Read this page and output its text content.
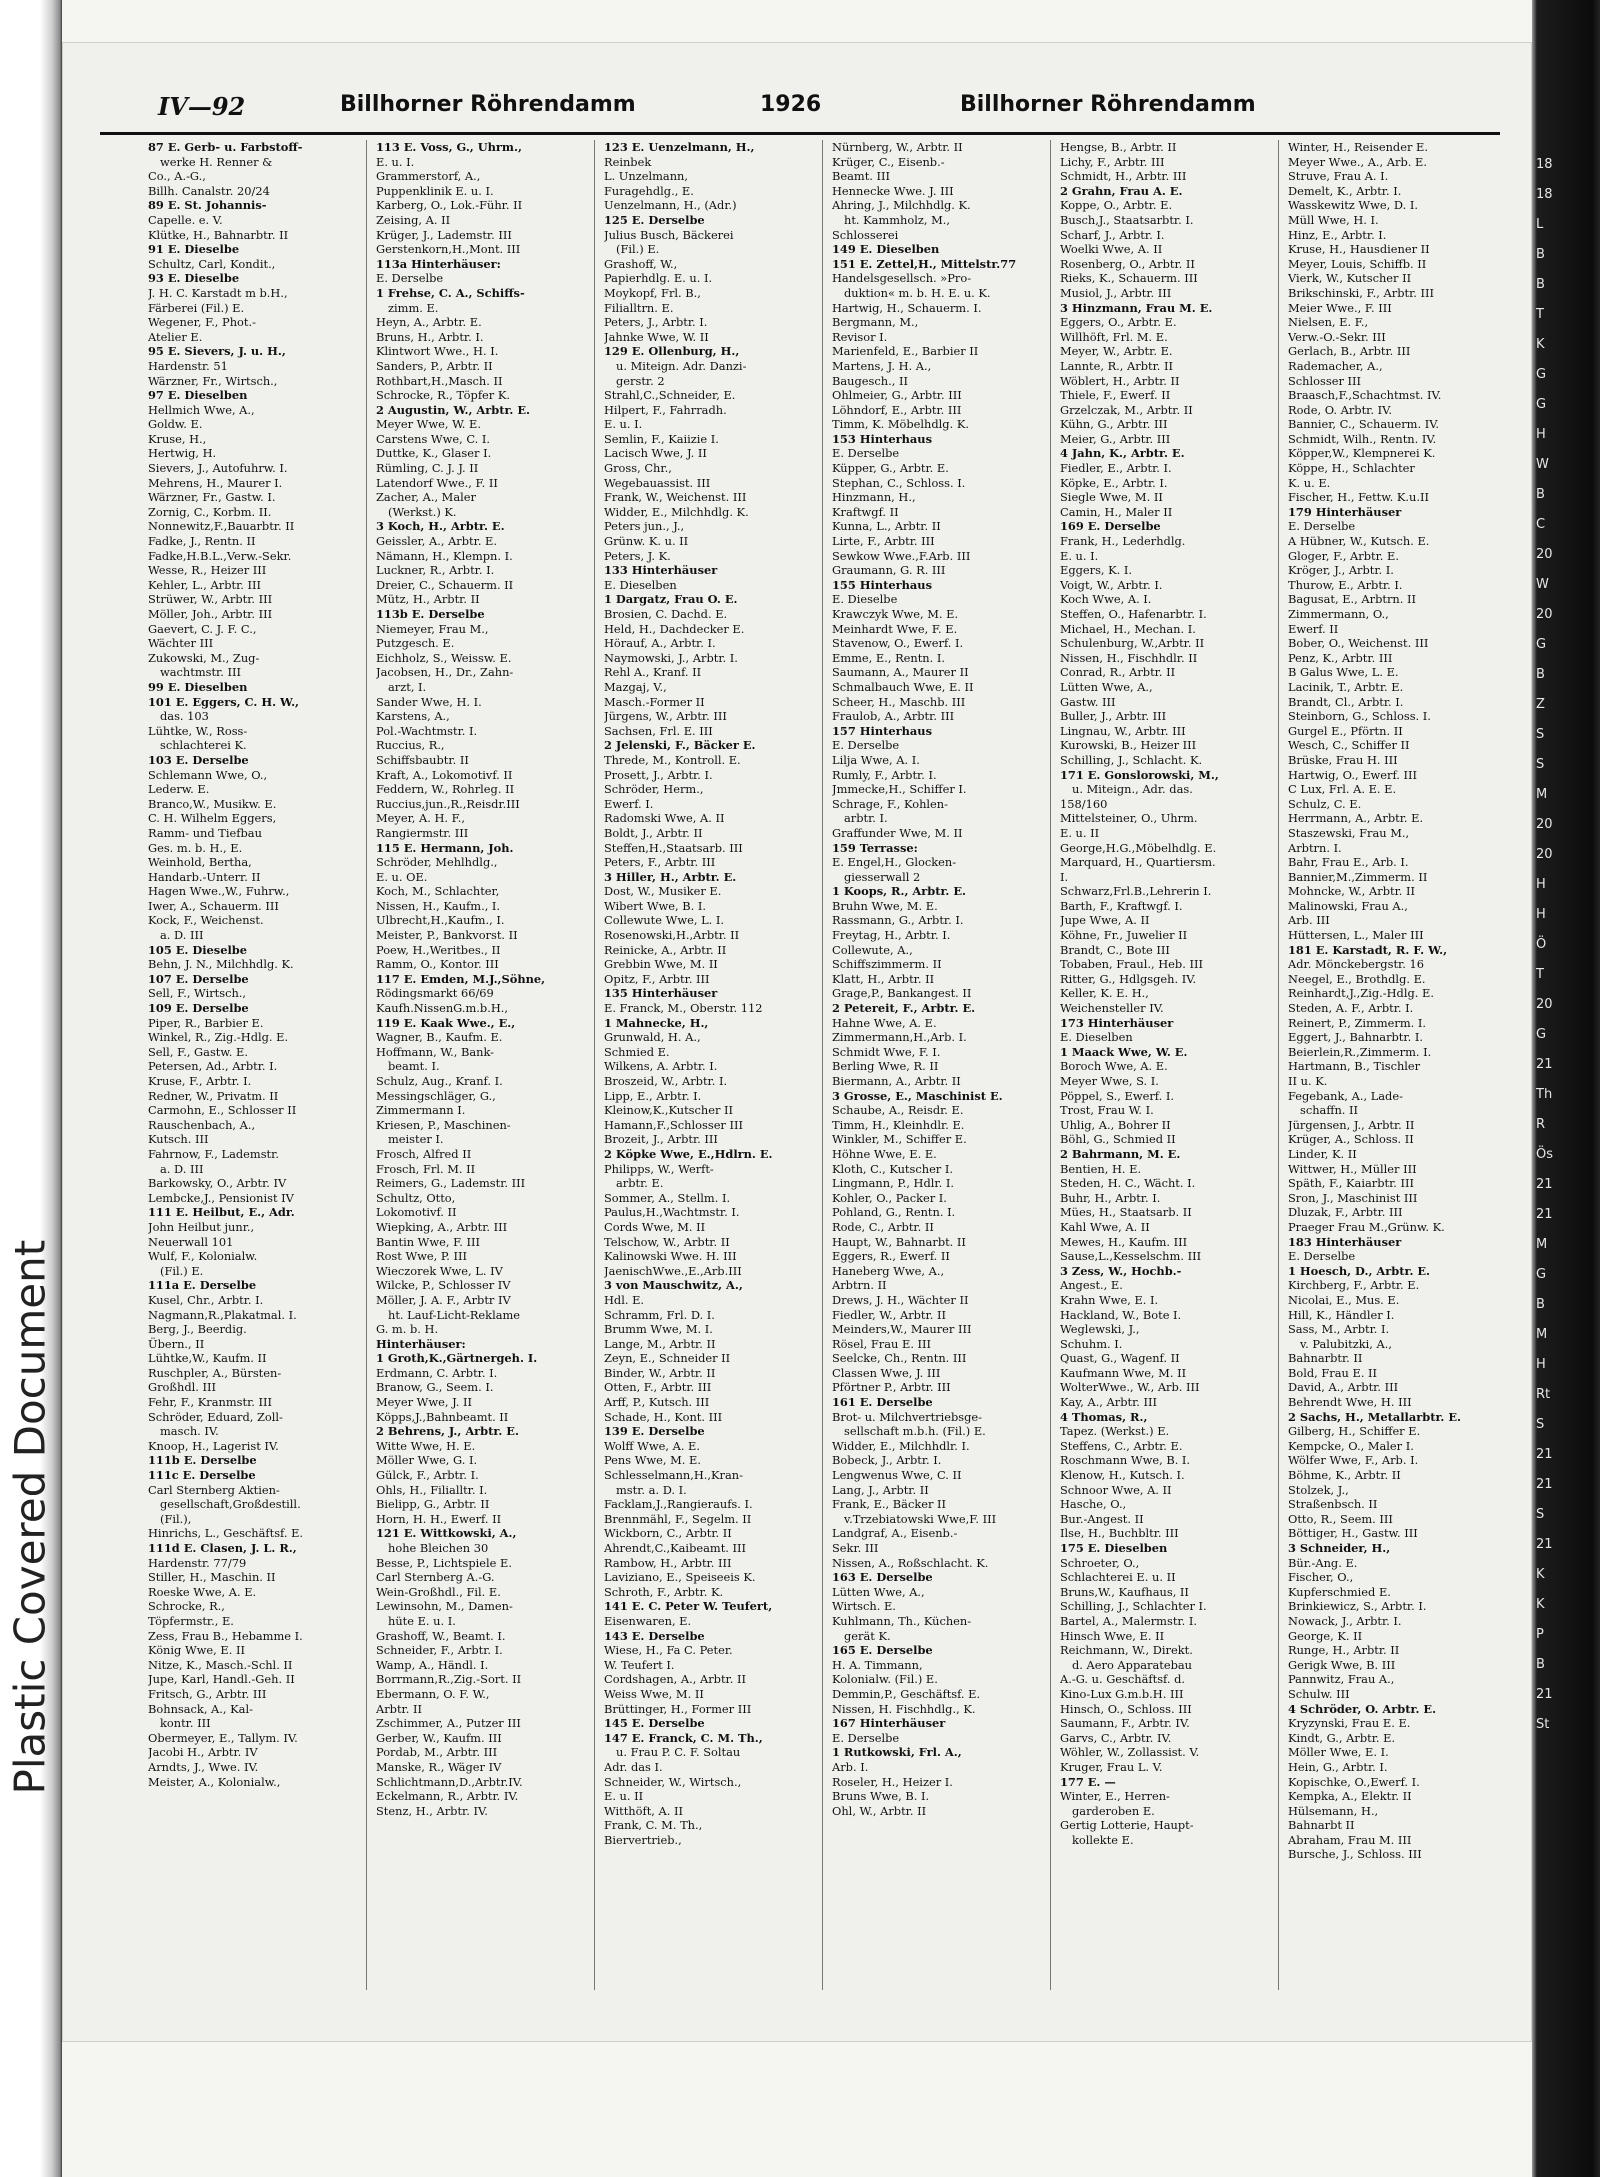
Plastic Covered Document
18
18
L
B
B
T
K
G
G
H
W
B
C
20
W
20
G
B
Z
S
S
M
20
20
H
H
Ö
T
20
G
21
Th
R
Ös
21
21
M
G
B
M
H
Rt
S
21
21
S
21
K
K
P
B
21
St
IV—92	Billhorner Röhrendamm	1926	Billhorner Röhrendamm
87 E. Gerb- u. Farbstoff-
werke H. Renner &
Co., A.-G.,
Billh. Canalstr. 20/24
89 E. St. Johannis-
Capelle. e. V.
Klütke, H., Bahnarbtr. II
91 E. Dieselbe
Schultz, Carl, Kondit.,
93 E. Dieselbe
J. H. C. Karstadt m b.H.,
Färberei (Fil.) E.
Wegener, F., Phot.-
Atelier E.
95 E. Sievers, J. u. H.,
Hardenstr. 51
Wärzner, Fr., Wirtsch.,
97 E. Dieselben
Hellmich Wwe, A.,
Goldw. E.
Kruse, H.,
Hertwig, H.
Sievers, J., Autofuhrw. I.
Mehrens, H., Maurer I.
Wärzner, Fr., Gastw. I.
Zornig, C., Korbm. II.
Nonnewitz,F.,Bauarbtr. II
Fadke, J., Rentn. II
Fadke,H.B.L.,Verw.-Sekr.
Wesse, R., Heizer III
Kehler, L., Arbtr. III
Strüwer, W., Arbtr. III
Möller, Joh., Arbtr. III
Gaevert, C. J. F. C.,
Wächter III
Zukowski, M., Zug-
wachtmstr. III
99 E. Dieselben
101 E. Eggers, C. H. W.,
das. 103
Lühtke, W., Ross-
schlachterei K.
103 E. Derselbe
Schlemann Wwe, O.,
Lederw. E.
Branco,W., Musikw. E.
C. H. Wilhelm Eggers,
Ramm- und Tiefbau
Ges. m. b. H., E.
Weinhold, Bertha,
Handarb.-Unterr. II
Hagen Wwe.,W., Fuhrw.,
Iwer, A., Schauerm. III
Kock, F., Weichenst.
a. D. III
105 E. Dieselbe
Behn, J. N., Milchhdlg. K.
107 E. Derselbe
Sell, F., Wirtsch.,
109 E. Derselbe
Piper, R., Barbier E.
Winkel, R., Zig.-Hdlg. E.
Sell, F., Gastw. E.
Petersen, Ad., Arbtr. I.
Kruse, F., Arbtr. I.
Redner, W., Privatm. II
Carmohn, E., Schlosser II
Rauschenbach, A.,
Kutsch. III
Fahrnow, F., Lademstr.
a. D. III
Barkowsky, O., Arbtr. IV
Lembcke,J., Pensionist IV
111 E. Heilbut, E., Adr.
John Heilbut junr.,
Neuerwall 101
Wulf, F., Kolonialw.
(Fil.) E.
111a E. Derselbe
Kusel, Chr., Arbtr. I.
Nagmann,R.,Plakatmal. I.
Berg, J., Beerdig.
Übern., II
Lühtke,W., Kaufm. II
Ruschpler, A., Bürsten-
Großhdl. III
Fehr, F., Kranmstr. III
Schröder, Eduard, Zoll-
masch. IV.
Knoop, H., Lagerist IV.
111b E. Derselbe
111c E. Derselbe
Carl Sternberg Aktien-
gesellschaft,Großdestill.
(Fil.),
Hinrichs, L., Geschäftsf. E.
111d E. Clasen, J. L. R.,
Hardenstr. 77/79
Stiller, H., Maschin. II
Roeske Wwe, A. E.
Schrocke, R.,
Töpfermstr., E.
Zess, Frau B., Hebamme I.
König Wwe, E. II
Nitze, K., Masch.-Schl. II
Jupe, Karl, Handl.-Geh. II
Fritsch, G., Arbtr. III
Bohnsack, A., Kal-
kontr. III
Obermeyer, E., Tallym. IV.
Jacobi H., Arbtr. IV
Arndts, J., Wwe. IV.
Meister, A., Kolonialw.,
113 E. Voss, G., Uhrm.,
E. u. I.
Grammerstorf, A.,
Puppenklinik E. u. I.
Karberg, O., Lok.-Führ. II
Zeising, A. II
Krüger, J., Lademstr. III
Gerstenkorn,H.,Mont. III
113a Hinterhäuser:
E. Derselbe
1 Frehse, C. A., Schiffs-
zimm. E.
Heyn, A., Arbtr. E.
Bruns, H., Arbtr. I.
Klintwort Wwe., H. I.
Sanders, P., Arbtr. II
Rothbart,H.,Masch. II
Schrocke, R., Töpfer K.
2 Augustin, W., Arbtr. E.
Meyer Wwe, W. E.
Carstens Wwe, C. I.
Duttke, K., Glaser I.
Rümling, C. J. J. II
Latendorf Wwe., F. II
Zacher, A., Maler
(Werkst.) K.
3 Koch, H., Arbtr. E.
Geissler, A., Arbtr. E.
Nämann, H., Klempn. I.
Luckner, R., Arbtr. I.
Dreier, C., Schauerm. II
Mütz, H., Arbtr. II
113b E. Derselbe
Niemeyer, Frau M.,
Putzgesch. E.
Eichholz, S., Weissw. E.
Jacobsen, H., Dr., Zahn-
arzt, I.
Sander Wwe, H. I.
Karstens, A.,
Pol.-Wachtmstr. I.
Ruccius, R.,
Schiffsbaubtr. II
Kraft, A., Lokomotivf. II
Feddern, W., Rohrleg. II
Ruccius,jun.,R.,Reisdr.III
Meyer, A. H. F.,
Rangiermstr. III
115 E. Hermann, Joh.
Schröder, Mehlhdlg.,
E. u. OE.
Koch, M., Schlachter,
Nissen, H., Kaufm., I.
Ulbrecht,H.,Kaufm., I.
Meister, P., Bankvorst. II
Poew, H.,Weritbes., II
Ramm, O., Kontor. III
117 E. Emden, M.J.,Söhne,
Rödingsmarkt 66/69
Kaufh.NissenG.m.b.H.,
119 E. Kaak Wwe., E.,
Wagner, B., Kaufm. E.
Hoffmann, W., Bank-
beamt. I.
Schulz, Aug., Kranf. I.
Messingschläger, G.,
Zimmermann I.
Kriesen, P., Maschinen-
meister I.
Frosch, Alfred II
Frosch, Frl. M. II
Reimers, G., Lademstr. III
Schultz, Otto,
Lokomotivf. II
Wiepking, A., Arbtr. III
Bantin Wwe, F. III
Rost Wwe, P. III
Wieczorek Wwe, L. IV
Wilcke, P., Schlosser IV
Möller, J. A. F., Arbtr IV
ht. Lauf-Licht-Reklame
G. m. b. H.
Hinterhäuser:
1 Groth,K.,Gärtnergeh. I.
Erdmann, C. Arbtr. I.
Branow, G., Seem. I.
Meyer Wwe, J. II
Köpps,J.,Bahnbeamt. II
2 Behrens, J., Arbtr. E.
Witte Wwe, H. E.
Möller Wwe, G. I.
Gülck, F., Arbtr. I.
Ohls, H., Filialltr. I.
Bielipp, G., Arbtr. II
Horn, H. H., Ewerf. II
121 E. Wittkowski, A.,
hohe Bleichen 30
Besse, P., Lichtspiele E.
Carl Sternberg A.-G.
Wein-Großhdl., Fil. E.
Lewinsohn, M., Damen-
hüte E. u. I.
Grashoff, W., Beamt. I.
Schneider, F., Arbtr. I.
Wamp, A., Händl. I.
Borrmann,R.,Zig.-Sort. II
Ebermann, O. F. W.,
Arbtr. II
Zschimmer, A., Putzer III
Gerber, W., Kaufm. III
Pordab, M., Arbtr. III
Manske, R., Wäger IV
Schlichtmann,D.,Arbtr.IV.
Eckelmann, R., Arbtr. IV.
Stenz, H., Arbtr. IV.
123 E. Uenzelmann, H.,
Reinbek
L. Unzelmann,
Furagehdlg., E.
Uenzelmann, H., (Adr.)
125 E. Derselbe
Julius Busch, Bäckerei
(Fil.) E.
Grashoff, W.,
Papierhdlg. E. u. I.
Moykopf, Frl. B.,
Filialltrn. E.
Peters, J., Arbtr. I.
Jahnke Wwe, W. II
129 E. Ollenburg, H.,
u. Miteign. Adr. Danzi-
gerstr. 2
Strahl,C.,Schneider, E.
Hilpert, F., Fahrradh.
E. u. I.
Semlin, F., Kaiizie I.
Lacisch Wwe, J. II
Gross, Chr.,
Wegebauassist. III
Frank, W., Weichenst. III
Widder, E., Milchhdlg. K.
Peters jun., J.,
Grünw. K. u. II
Peters, J. K.
133 Hinterhäuser
E. Dieselben
1 Dargatz, Frau O. E.
Brosien, C. Dachd. E.
Held, H., Dachdecker E.
Hörauf, A., Arbtr. I.
Naymowski, J., Arbtr. I.
Rehl A., Kranf. II
Mazgaj, V.,
Masch.-Former II
Jürgens, W., Arbtr. III
Sachsen, Frl. E. III
2 Jelenski, F., Bäcker E.
Threde, M., Kontroll. E.
Prosett, J., Arbtr. I.
Schröder, Herm.,
Ewerf. I.
Radomski Wwe, A. II
Boldt, J., Arbtr. II
Steffen,H.,Staatsarb. III
Peters, F., Arbtr. III
3 Hiller, H., Arbtr. E.
Dost, W., Musiker E.
Wibert Wwe, B. I.
Collewute Wwe, L. I.
Rosenowski,H.,Arbtr. II
Reinicke, A., Arbtr. II
Grebbin Wwe, M. II
Opitz, F., Arbtr. III
135 Hinterhäuser
E. Franck, M., Oberstr. 112
1 Mahnecke, H.,
Grunwald, H. A.,
Schmied E.
Wilkens, A. Arbtr. I.
Broszeid, W., Arbtr. I.
Lipp, E., Arbtr. I.
Kleinow,K.,Kutscher II
Hamann,F.,Schlosser III
Brozeit, J., Arbtr. III
2 Köpke Wwe, E.,Hdlrn. E.
Philipps, W., Werft-
arbtr. E.
Sommer, A., Stellm. I.
Paulus,H.,Wachtmstr. I.
Cords Wwe, M. II
Telschow, W., Arbtr. II
Kalinowski Wwe. H. III
JaenischWwe.,E.,Arb.III
3 von Mauschwitz, A.,
Hdl. E.
Schramm, Frl. D. I.
Brumm Wwe, M. I.
Lange, M., Arbtr. II
Zeyn, E., Schneider II
Binder, W., Arbtr. II
Otten, F., Arbtr. III
Arff, P., Kutsch. III
Schade, H., Kont. III
139 E. Derselbe
Wolff Wwe, A. E.
Pens Wwe, M. E.
Schlesselmann,H.,Kran-
mstr. a. D. I.
Facklam,J.,Rangieraufs. I.
Brennmähl, F., Segelm. II
Wickborn, C., Arbtr. II
Ahrendt,C.,Kaibeamt. III
Rambow, H., Arbtr. III
Laviziano, E., Speiseeis K.
Schroth, F., Arbtr. K.
141 E. C. Peter W. Teufert,
Eisenwaren, E.
143 E. Derselbe
Wiese, H., Fa C. Peter.
W. Teufert I.
Cordshagen, A., Arbtr. II
Weiss Wwe, M. II
Brüttinger, H., Former III
145 E. Derselbe
147 E. Franck, C. M. Th.,
u. Frau P. C. F. Soltau
Adr. das I.
Schneider, W., Wirtsch.,
E. u. II
Witthöft, A. II
Frank, C. M. Th.,
Biervertrieb.,
Nürnberg, W., Arbtr. II
Krüger, C., Eisenb.-
Beamt. III
Hennecke Wwe. J. III
Ahring, J., Milchhdlg. K.
ht. Kammholz, M.,
Schlosserei
149 E. Dieselben
151 E. Zettel,H., Mittelstr.77
Handelsgesellsch. »Pro-
duktion« m. b. H. E. u. K.
Hartwig, H., Schauerm. I.
Bergmann, M.,
Revisor I.
Marienfeld, E., Barbier II
Martens, J. H. A.,
Baugesch., II
Ohlmeier, G., Arbtr. III
Löhndorf, E., Arbtr. III
Timm, K. Möbelhdlg. K.
153 Hinterhaus
E. Derselbe
Küpper, G., Arbtr. E.
Stephan, C., Schloss. I.
Hinzmann, H.,
Kraftwgf. II
Kunna, L., Arbtr. II
Lirte, F., Arbtr. III
Sewkow Wwe.,F.Arb. III
Graumann, G. R. III
155 Hinterhaus
E. Dieselbe
Krawczyk Wwe, M. E.
Meinhardt Wwe, F. E.
Stavenow, O., Ewerf. I.
Emme, E., Rentn. I.
Saumann, A., Maurer II
Schmalbauch Wwe, E. II
Scheer, H., Maschb. III
Fraulob, A., Arbtr. III
157 Hinterhaus
E. Derselbe
Lilja Wwe, A. I.
Rumly, F., Arbtr. I.
Jmmecke,H., Schiffer I.
Schrage, F., Kohlen-
arbtr. I.
Graffunder Wwe, M. II
159 Terrasse:
E. Engel,H., Glocken-
giesserwall 2
1 Koops, R., Arbtr. E.
Bruhn Wwe, M. E.
Rassmann, G., Arbtr. I.
Freytag, H., Arbtr. I.
Collewute, A.,
Schiffszimmerm. II
Klatt, H., Arbtr. II
Grage,P., Bankangest. II
2 Petereit, F., Arbtr. E.
Hahne Wwe, A. E.
Zimmermann,H.,Arb. I.
Schmidt Wwe, F. I.
Berling Wwe, R. II
Biermann, A., Arbtr. II
3 Grosse, E., Maschinist E.
Schaube, A., Reisdr. E.
Timm, H., Kleinhdlr. E.
Winkler, M., Schiffer E.
Höhne Wwe, E. E.
Kloth, C., Kutscher I.
Lingmann, P., Hdlr. I.
Kohler, O., Packer I.
Pohland, G., Rentn. I.
Rode, C., Arbtr. II
Haupt, W., Bahnarbt. II
Eggers, R., Ewerf. II
Haneberg Wwe, A.,
Arbtrn. II
Drews, J. H., Wächter II
Fiedler, W., Arbtr. II
Meinders,W., Maurer III
Rösel, Frau E. III
Seelcke, Ch., Rentn. III
Classen Wwe, J. III
Pförtner P., Arbtr. III
161 E. Derselbe
Brot- u. Milchvertriebsge-
sellschaft m.b.h. (Fil.) E.
Widder, E., Milchhdlr. I.
Bobeck, J., Arbtr. I.
Lengwenus Wwe, C. II
Lang, J., Arbtr. II
Frank, E., Bäcker II
v.Trzebiatowski Wwe,F. III
Landgraf, A., Eisenb.-
Sekr. III
Nissen, A., Roßschlacht. K.
163 E. Derselbe
Lütten Wwe, A.,
Wirtsch. E.
Kuhlmann, Th., Küchen-
gerät K.
165 E. Derselbe
H. A. Timmann,
Kolonialw. (Fil.) E.
Demmin,P., Geschäftsf. E.
Nissen, H. Fischhdlg., K.
167 Hinterhäuser
E. Derselbe
1 Rutkowski, Frl. A.,
Arb. I.
Roseler, H., Heizer I.
Bruns Wwe, B. I.
Ohl, W., Arbtr. II
Hengse, B., Arbtr. II
Lichy, F., Arbtr. III
Schmidt, H., Arbtr. III
2 Grahn, Frau A. E.
Koppe, O., Arbtr. E.
Busch,J., Staatsarbtr. I.
Scharf, J., Arbtr. I.
Woelki Wwe, A. II
Rosenberg, O., Arbtr. II
Rieks, K., Schauerm. III
Musiol, J., Arbtr. III
3 Hinzmann, Frau M. E.
Eggers, O., Arbtr. E.
Willhöft, Frl. M. E.
Meyer, W., Arbtr. E.
Lannte, R., Arbtr. II
Wöblert, H., Arbtr. II
Thiele, F., Ewerf. II
Grzelczak, M., Arbtr. II
Kühn, G., Arbtr. III
Meier, G., Arbtr. III
4 Jahn, K., Arbtr. E.
Fiedler, E., Arbtr. I.
Köpke, E., Arbtr. I.
Siegle Wwe, M. II
Camin, H., Maler II
169 E. Derselbe
Frank, H., Lederhdlg.
E. u. I.
Eggers, K. I.
Voigt, W., Arbtr. I.
Koch Wwe, A. I.
Steffen, O., Hafenarbtr. I.
Michael, H., Mechan. I.
Schulenburg, W.,Arbtr. II
Nissen, H., Fischhdlr. II
Conrad, R., Arbtr. II
Lütten Wwe, A.,
Gastw. III
Buller, J., Arbtr. III
Lingnau, W., Arbtr. III
Kurowski, B., Heizer III
Schilling, J., Schlacht. K.
171 E. Gonslorowski, M.,
u. Miteign., Adr. das.
158/160
Mittelsteiner, O., Uhrm.
E. u. II
George,H.G.,Möbelhdlg. E.
Marquard, H., Quartiersm.
I.
Schwarz,Frl.B.,Lehrerin I.
Barth, F., Kraftwgf. I.
Jupe Wwe, A. II
Köhne, Fr., Juwelier II
Brandt, C., Bote III
Tobaben, Fraul., Heb. III
Ritter, G., Hdlgsgeh. IV.
Keller, K. E. H.,
Weichensteller IV.
173 Hinterhäuser
E. Dieselben
1 Maack Wwe, W. E.
Boroch Wwe, A. E.
Meyer Wwe, S. I.
Pöppel, S., Ewerf. I.
Trost, Frau W. I.
Uhlig, A., Bohrer II
Böhl, G., Schmied II
2 Bahrmann, M. E.
Bentien, H. E.
Steden, H. C., Wächt. I.
Buhr, H., Arbtr. I.
Mües, H., Staatsarb. II
Kahl Wwe, A. II
Mewes, H., Kaufm. III
Sause,L.,Kesselschm. III
3 Zess, W., Hochb.-
Angest., E.
Krahn Wwe, E. I.
Hackland, W., Bote I.
Weglewski, J.,
Schuhm. I.
Quast, G., Wagenf. II
Kaufmann Wwe, M. II
WolterWwe., W., Arb. III
Kay, A., Arbtr. III
4 Thomas, R.,
Tapez. (Werkst.) E.
Steffens, C., Arbtr. E.
Roschmann Wwe, B. I.
Klenow, H., Kutsch. I.
Schnoor Wwe, A. II
Hasche, O.,
Bur.-Angest. II
Ilse, H., Buchbltr. III
175 E. Dieselben
Schroeter, O.,
Schlachterei E. u. II
Bruns,W., Kaufhaus, II
Schilling, J., Schlachter I.
Bartel, A., Malermstr. I.
Hinsch Wwe, E. II
Reichmann, W., Direkt.
d. Aero Apparatebau
A.-G. u. Geschäftsf. d.
Kino-Lux G.m.b.H. III
Hinsch, O., Schloss. III
Saumann, F., Arbtr. IV.
Garvs, C., Arbtr. IV.
Wöhler, W., Zollassist. V.
Kruger, Frau L. V.
177 E. —
Winter, E., Herren-
garderoben E.
Gertig Lotterie, Haupt-
kollekte E.
Winter, H., Reisender E.
Meyer Wwe., A., Arb. E.
Struve, Frau A. I.
Demelt, K., Arbtr. I.
Wasskewitz Wwe, D. I.
Müll Wwe, H. I.
Hinz, E., Arbtr. I.
Kruse, H., Hausdiener II
Meyer, Louis, Schiffb. II
Vierk, W., Kutscher II
Brikschinski, F., Arbtr. III
Meier Wwe., F. III
Nielsen, E. F.,
Verw.-O.-Sekr. III
Gerlach, B., Arbtr. III
Rademacher, A.,
Schlosser III
Braasch,F.,Schachtmst. IV.
Rode, O. Arbtr. IV.
Bannier, C., Schauerm. IV.
Schmidt, Wilh., Rentn. IV.
Köpper,W., Klempnerei K.
Köppe, H., Schlachter
K. u. E.
Fischer, H., Fettw. K.u.II
179 Hinterhäuser
E. Derselbe
A Hübner, W., Kutsch. E.
Gloger, F., Arbtr. E.
Kröger, J., Arbtr. I.
Thurow, E., Arbtr. I.
Bagusat, E., Arbtrn. II
Zimmermann, O.,
Ewerf. II
Bober, O., Weichenst. III
Penz, K., Arbtr. III
B Galus Wwe, L. E.
Lacinik, T., Arbtr. E.
Brandt, Cl., Arbtr. I.
Steinborn, G., Schloss. I.
Gurgel E., Pförtn. II
Wesch, C., Schiffer II
Brüske, Frau H. III
Hartwig, O., Ewerf. III
C Lux, Frl. A. E. E.
Schulz, C. E.
Herrmann, A., Arbtr. E.
Staszewski, Frau M.,
Arbtrn. I.
Bahr, Frau E., Arb. I.
Bannier,M.,Zimmerm. II
Mohncke, W., Arbtr. II
Malinowski, Frau A.,
Arb. III
Hüttersen, L., Maler III
181 E. Karstadt, R. F. W.,
Adr. Mönckebergstr. 16
Neegel, E., Brothdlg. E.
Reinhardt,J.,Zig.-Hdlg. E.
Steden, A. F., Arbtr. I.
Reinert, P., Zimmerm. I.
Eggert, J., Bahnarbtr. I.
Beierlein,R.,Zimmerm. I.
Hartmann, B., Tischler
II u. K.
Fegebank, A., Lade-
schaffn. II
Jürgensen, J., Arbtr. II
Krüger, A., Schloss. II
Linder, K. II
Wittwer, H., Müller III
Späth, F., Kaiarbtr. III
Sron, J., Maschinist III
Dluzak, F., Arbtr. III
Praeger Frau M.,Grünw. K.
183 Hinterhäuser
E. Derselbe
1 Hoesch, D., Arbtr. E.
Kirchberg, F., Arbtr. E.
Nicolai, E., Mus. E.
Hill, K., Händler I.
Sass, M., Arbtr. I.
v. Palubitzki, A.,
Bahnarbtr. II
Bold, Frau E. II
David, A., Arbtr. III
Behrendt Wwe, H. III
2 Sachs, H., Metallarbtr. E.
Gilberg, H., Schiffer E.
Kempcke, O., Maler I.
Wölfer Wwe, F., Arb. I.
Böhme, K., Arbtr. II
Stolzek, J.,
Straßenbsch. II
Otto, R., Seem. III
Böttiger, H., Gastw. III
3 Schneider, H.,
Bür.-Ang. E.
Fischer, O.,
Kupferschmied E.
Brinkiewicz, S., Arbtr. I.
Nowack, J., Arbtr. I.
George, K. II
Runge, H., Arbtr. II
Gerigk Wwe, B. III
Pannwitz, Frau A.,
Schulw. III
4 Schröder, O. Arbtr. E.
Kryzynski, Frau E. E.
Kindt, G., Arbtr. E.
Möller Wwe, E. I.
Hein, G., Arbtr. I.
Kopischke, O.,Ewerf. I.
Kempka, A., Elektr. II
Hülsemann, H.,
Bahnarbt II
Abraham, Frau M. III
Bursche, J., Schloss. III
